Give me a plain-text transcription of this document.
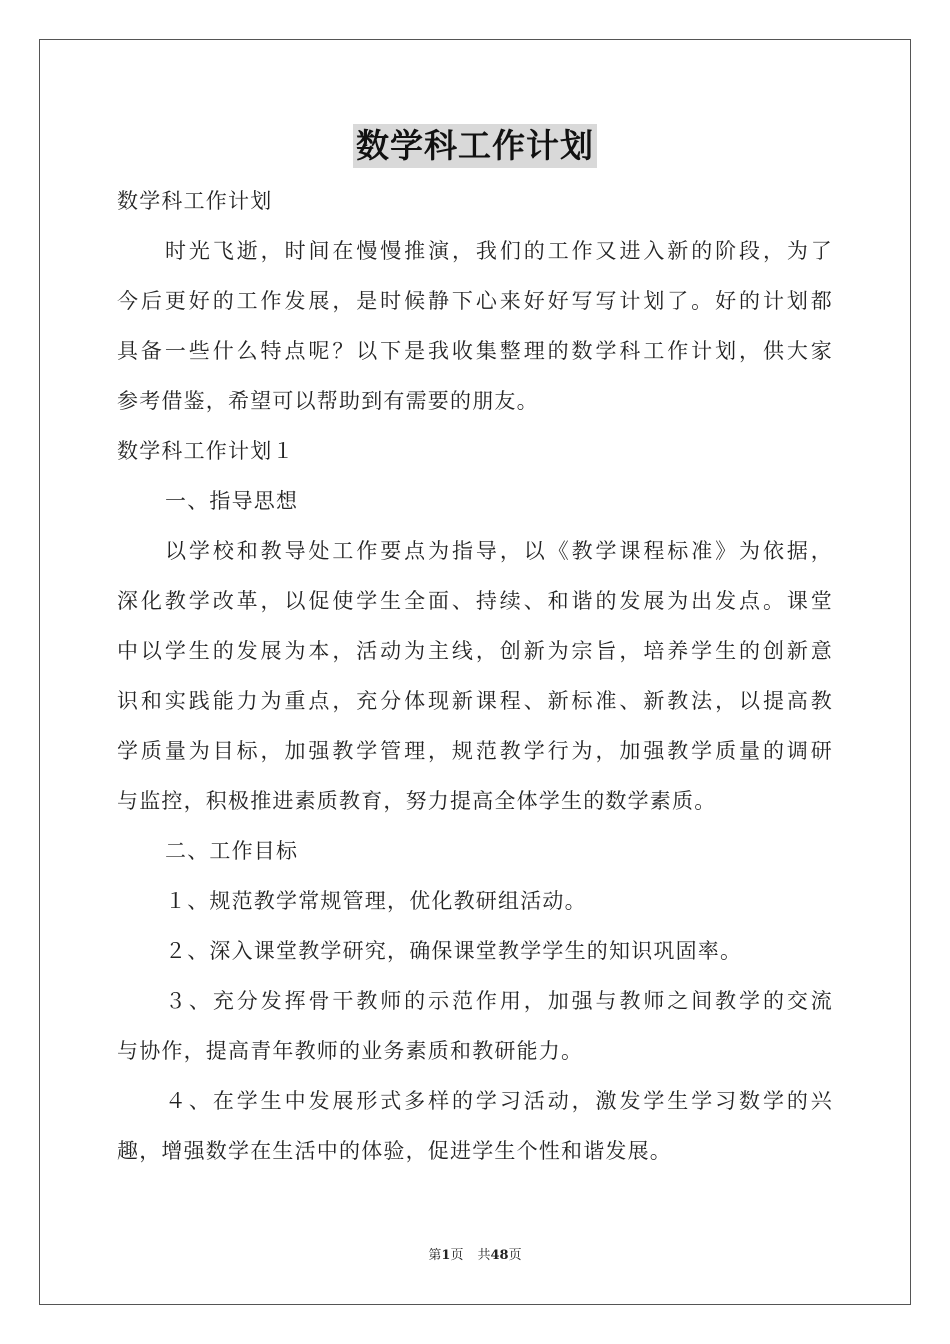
数学科工作计划
数学科工作计划
时光飞逝，时间在慢慢推演，我们的工作又进入新的阶段，为了
今后更好的工作发展，是时候静下心来好好写写计划了。好的计划都
具备一些什么特点呢？以下是我收集整理的数学科工作计划，供大家
参考借鉴，希望可以帮助到有需要的朋友。
数学科工作计划１
一、指导思想
以学校和教导处工作要点为指导，以《教学课程标准》为依据，
深化教学改革，以促使学生全面、持续、和谐的发展为出发点。课堂
中以学生的发展为本，活动为主线，创新为宗旨，培养学生的创新意
识和实践能力为重点，充分体现新课程、新标准、新教法，以提高教
学质量为目标，加强教学管理，规范教学行为，加强教学质量的调研
与监控，积极推进素质教育，努力提高全体学生的数学素质。
二、工作目标
１、规范教学常规管理，优化教研组活动。
２、深入课堂教学研究，确保课堂教学学生的知识巩固率。
３、充分发挥骨干教师的示范作用，加强与教师之间教学的交流
与协作，提高青年教师的业务素质和教研能力。
４、在学生中发展形式多样的学习活动，激发学生学习数学的兴
趣，增强数学在生活中的体验，促进学生个性和谐发展。
第1页 共48页
